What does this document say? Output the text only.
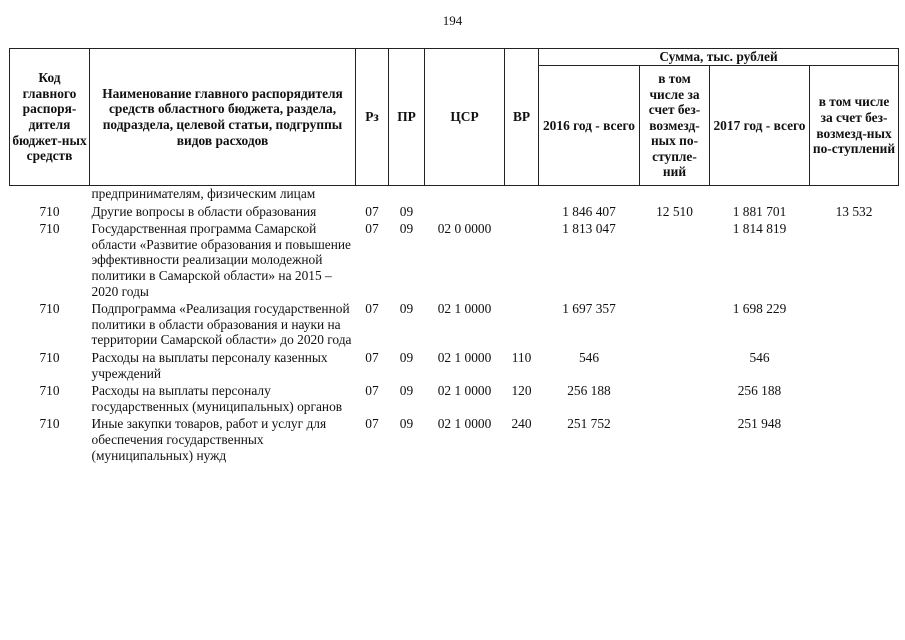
194
Код главного распоря-дителя бюджет-ных средств	Наименование главного распорядителя средств областного бюджета, раздела, подраздела, целевой статьи, подгруппы видов расходов	Рз	ПР	ЦСР	ВР	Сумма, тыс. рублей			
						2016 год - всего	в том числе за счет без-возмезд-ных по-ступле-ний	2017 год - всего	в том числе за счет без-возмезд-ных по-ступлений
	предпринимателям, физическим лицам								
710	Другие вопросы в области образования	07	09			1 846 407	12 510	1 881 701	13 532
710	Государственная программа Самарской области «Развитие образования и повышение эффективности реализации молодежной политики в Самарской области» на 2015 – 2020 годы	07	09	02 0 0000		1 813 047		1 814 819	
710	Подпрограмма «Реализация государственной политики в области образования и науки на территории Самарской области» до 2020 года	07	09	02 1 0000		1 697 357		1 698 229	
710	Расходы на выплаты персоналу казенных учреждений	07	09	02 1 0000	110	546		546	
710	Расходы на выплаты персоналу государственных (муниципальных) органов	07	09	02 1 0000	120	256 188		256 188	
710	Иные закупки товаров, работ и услуг для обеспечения государственных (муниципальных) нужд	07	09	02 1 0000	240	251 752		251 948	
